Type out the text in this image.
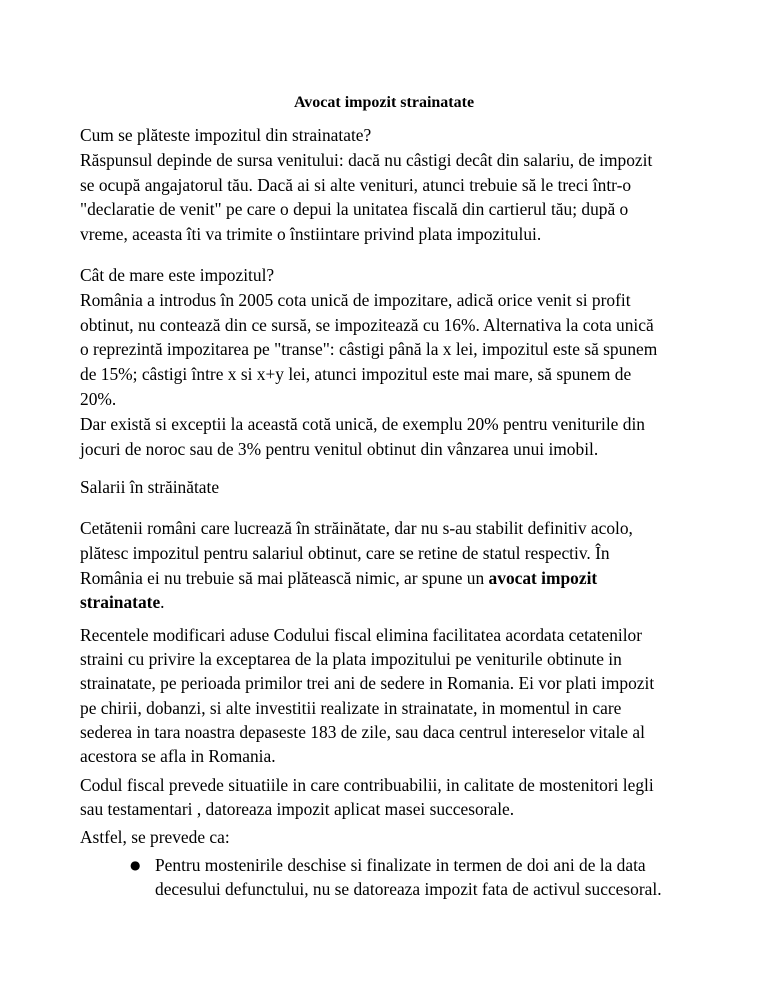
Avocat impozit strainatate
Cum se plăteste impozitul din strainatate?
Răspunsul depinde de sursa venitului: dacă nu câstigi decât din salariu, de impozit
se ocupă angajatorul tău. Dacă ai si alte venituri, atunci trebuie să le treci într-o
"declaratie de venit" pe care o depui la unitatea fiscală din cartierul tău; după o
vreme, aceasta îti va trimite o înstiintare privind plata impozitului.
Cât de mare este impozitul?
România a introdus în 2005 cota unică de impozitare, adică orice venit si profit
obtinut, nu contează din ce sursă, se impozitează cu 16%. Alternativa la cota unică
o reprezintă impozitarea pe "transe": câstigi până la x lei, impozitul este să spunem
de 15%; câstigi între x si x+y lei, atunci impozitul este mai mare, să spunem de
20%.
Dar există si exceptii la această cotă unică, de exemplu 20% pentru veniturile din
jocuri de noroc sau de 3% pentru venitul obtinut din vânzarea unui imobil.
Salarii în străinătate
Cetătenii români care lucrează în străinătate, dar nu s-au stabilit definitiv acolo,
plătesc impozitul pentru salariul obtinut, care se retine de statul respectiv. În
România ei nu trebuie să mai plătească nimic, ar spune un avocat impozit
strainatate.
Recentele modificari aduse Codului fiscal elimina facilitatea acordata cetatenilor
straini cu privire la exceptarea de la plata impozitului pe veniturile obtinute in
strainatate, pe perioada primilor trei ani de sedere in Romania. Ei vor plati impozit
pe chirii, dobanzi, si alte investitii realizate in strainatate, in momentul in care
sederea in tara noastra depaseste 183 de zile, sau daca centrul intereselor vitale al
acestora se afla in Romania.
Codul fiscal prevede situatiile in care contribuabilii, in calitate de mostenitori legli
sau testamentari , datoreaza impozit aplicat masei succesorale.
Astfel, se prevede ca:
● Pentru mostenirile deschise si finalizate in termen de doi ani de la data
decesului defunctului, nu se datoreaza impozit fata de activul succesoral.
